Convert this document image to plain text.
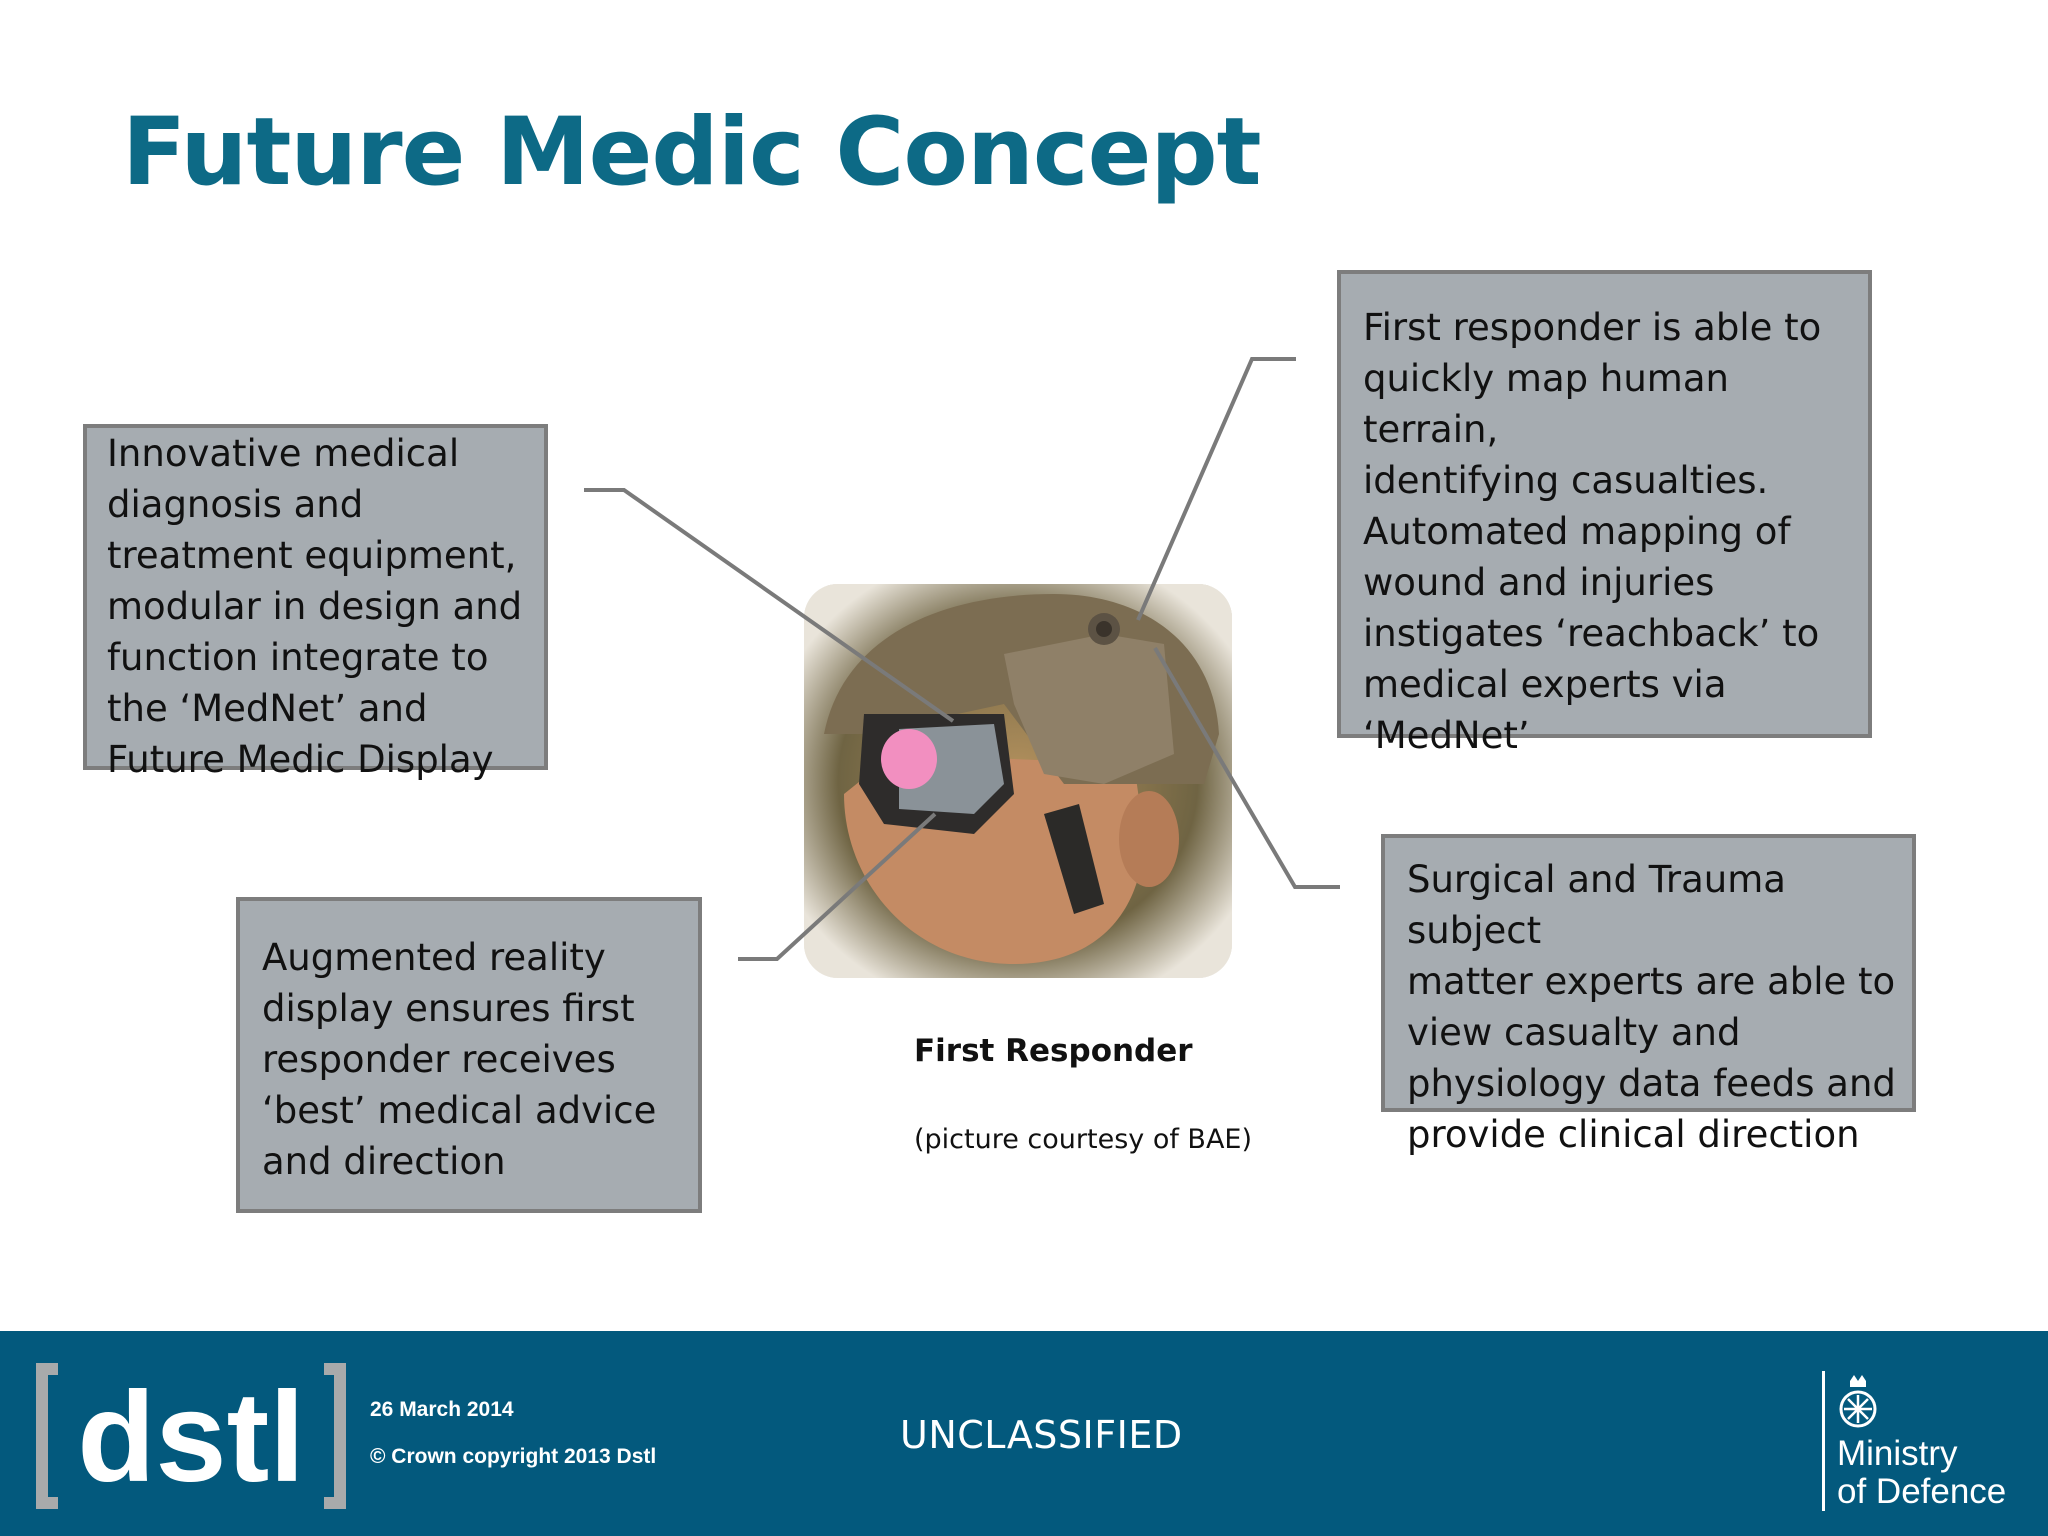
Future Medic Concept

Innovative medical

diagnosis and

treatment equipment,

modular in design and

function integrate to

the ‘MedNet’ and

Future Medic Display

Augmented reality

display ensures first

responder receives

‘best’ medical advice

and direction

First responder is able to

quickly map human terrain,

identifying casualties.

Automated mapping of

wound and injuries

instigates ‘reachback’ to

medical experts via

‘MedNet’

Surgical and Trauma subject

matter experts are able to

view casualty and

physiology data feeds and

provide clinical direction

First Responder
(picture courtesy of BAE)
dstl	26 March 2014
© Crown copyright 2013 Dstl	UNCLASSIFIED	Ministry
of Defence
